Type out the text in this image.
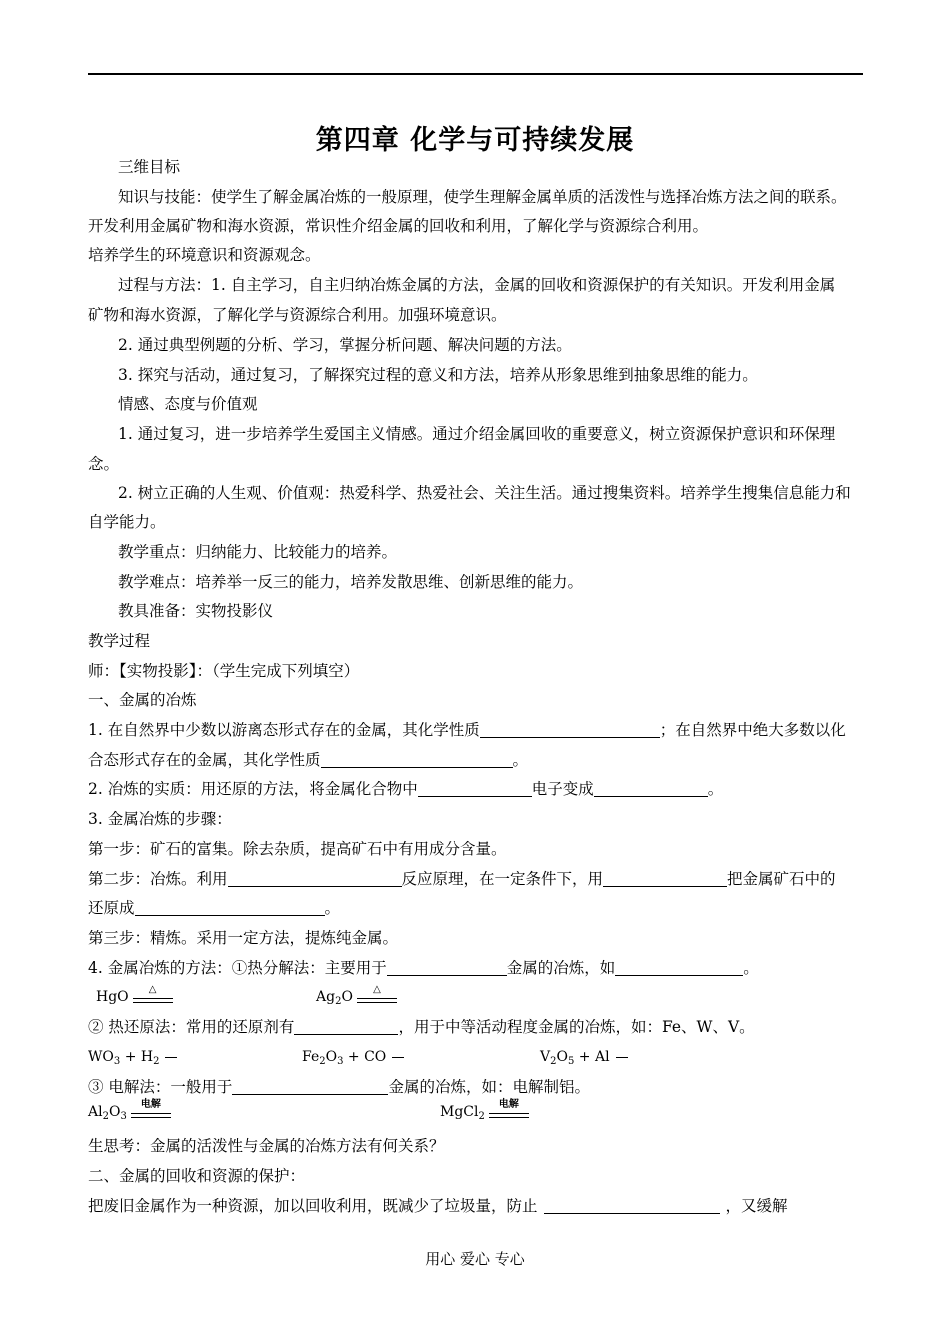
第四章 化学与可持续发展
三维目标
知识与技能：使学生了解金属冶炼的一般原理，使学生理解金属单质的活泼性与选择冶炼方法之间的联系。
开发利用金属矿物和海水资源，常识性介绍金属的回收和利用，了解化学与资源综合利用。
培养学生的环境意识和资源观念。
过程与方法：1. 自主学习，自主归纳冶炼金属的方法，金属的回收和资源保护的有关知识。开发利用金属
矿物和海水资源，了解化学与资源综合利用。加强环境意识。
2. 通过典型例题的分析、学习，掌握分析问题、解决问题的方法。
3. 探究与活动，通过复习，了解探究过程的意义和方法，培养从形象思维到抽象思维的能力。
情感、态度与价值观
1. 通过复习，进一步培养学生爱国主义情感。通过介绍金属回收的重要意义，树立资源保护意识和环保理
念。
2. 树立正确的人生观、价值观：热爱科学、热爱社会、关注生活。通过搜集资料。培养学生搜集信息能力和
自学能力。
教学重点：归纳能力、比较能力的培养。
教学难点：培养举一反三的能力，培养发散思维、创新思维的能力。
教具准备：实物投影仪
教学过程
师：【实物投影】：（学生完成下列填空）
一、金属的冶炼
1. 在自然界中少数以游离态形式存在的金属，其化学性质	；在自然界中绝大多数以化
合态形式存在的金属，其化学性质	。
2. 冶炼的实质：用还原的方法，将金属化合物中	电子变成	。
3. 金属冶炼的步骤：
第一步：矿石的富集。除去杂质，提高矿石中有用成分含量。
第二步：冶炼。利用	反应原理，在一定条件下，用	把金属矿石中的
还原成	。
第三步：精炼。采用一定方法，提炼纯金属。
4. 金属冶炼的方法：①热分解法：主要用于	金属的冶炼，如	。
HgO	△	$Ag_2O$	△
② 热还原法：常用的还原剂有	，用于中等活动程度金属的冶炼，如：Fe、W、V。
$WO_3 + H_2$	$Fe_2O_3$ + CO	$V_2O_5 + Al$
③ 电解法：一般用于	金属的冶炼，如：电解制铝。
$Al_2O_3$
电解	MgCl$_2$
电解
生思考：金属的活泼性与金属的冶炼方法有何关系？
二、金属的回收和资源的保护：
把废旧金属作为一种资源，加以回收利用，既减少了垃圾量，防止	，又缓解
用心 爱心 专心
